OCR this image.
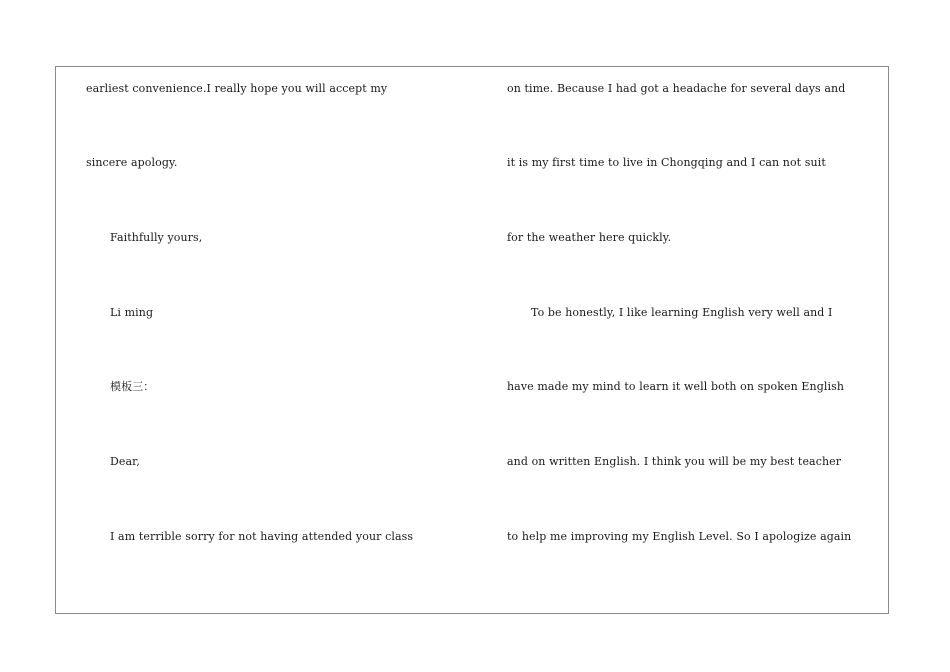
earliest convenience.I really hope you will accept my
sincere apology.
Faithfully yours,
Li ming
模板三：
Dear,
I am terrible sorry for not having attended your class
on time. Because I had got a headache for several days and
it is my first time to live in Chongqing and I can not suit
for the weather here quickly.
To be honestly, I like learning English very well and I
have made my mind to learn it well both on spoken English
and on written English. I think you will be my best teacher
to help me improving my English Level. So I apologize again
